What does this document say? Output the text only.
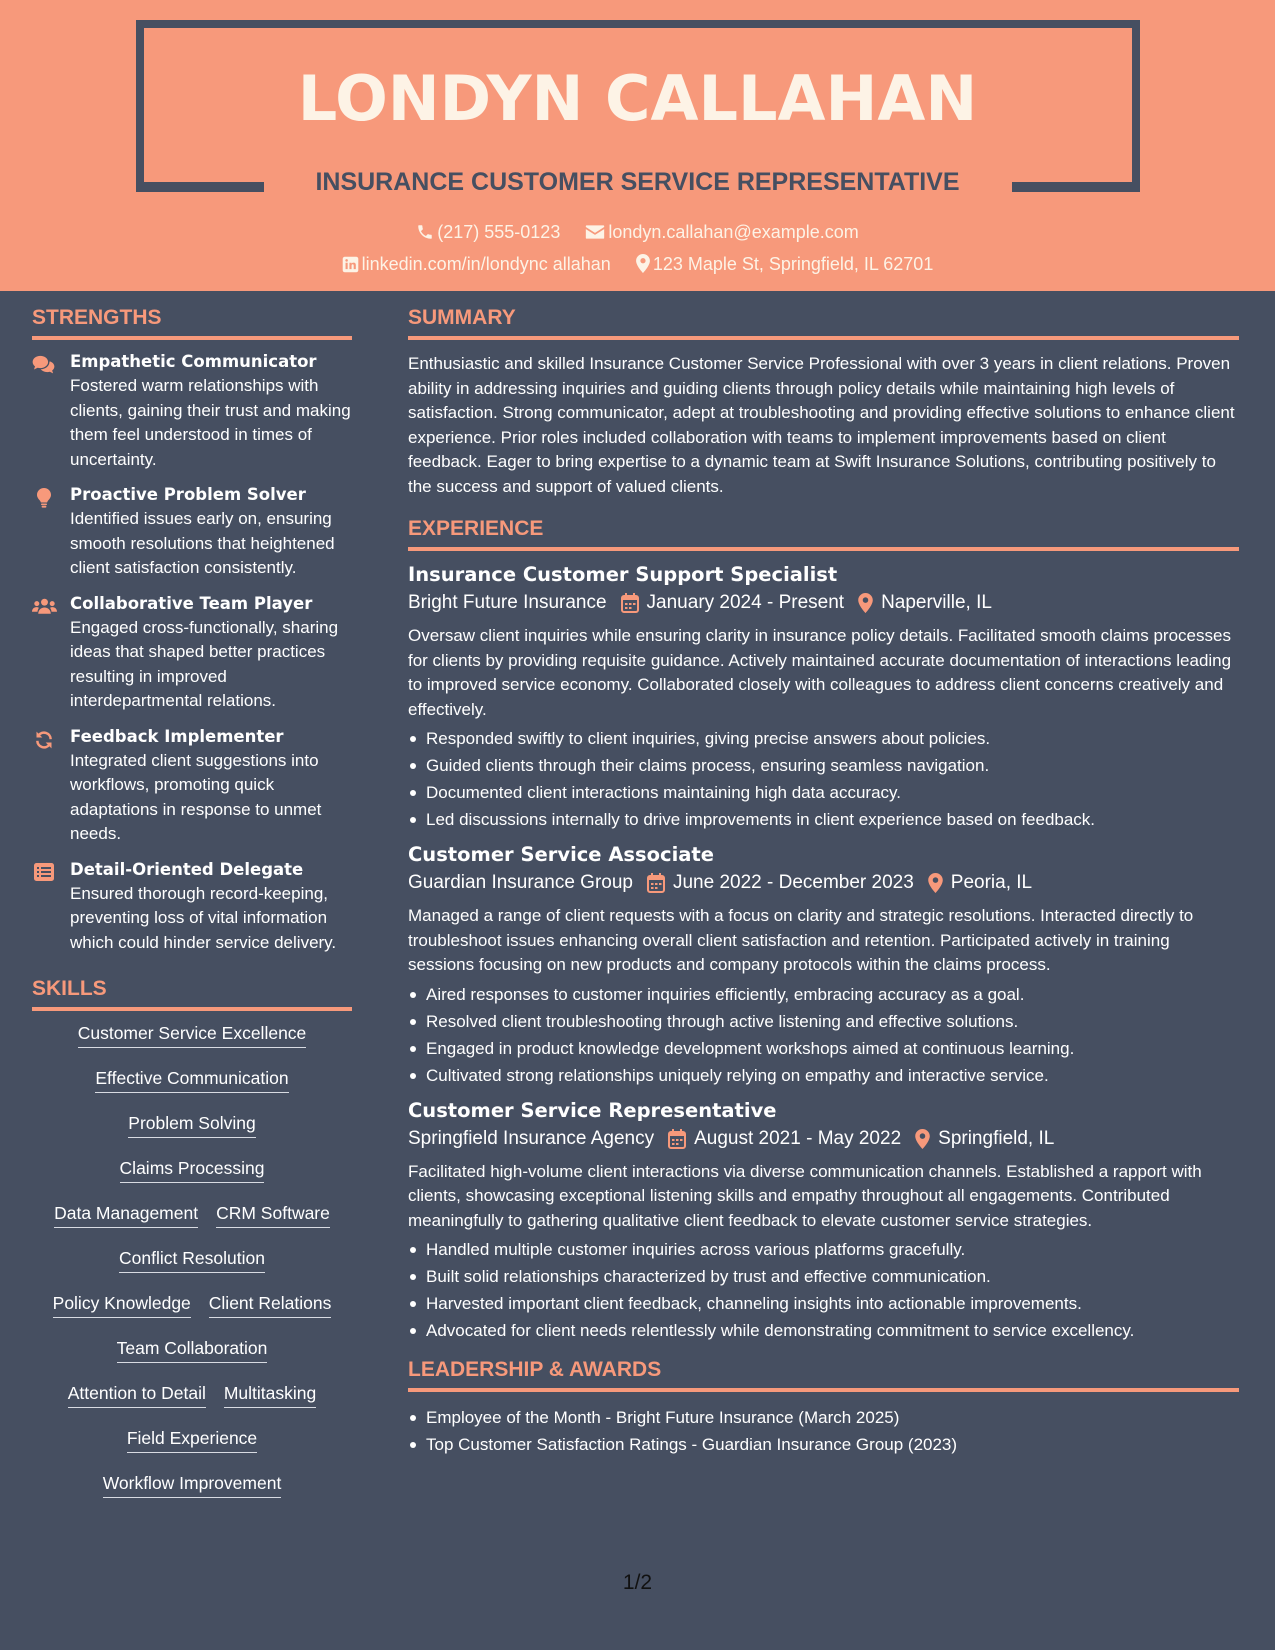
LONDYN CALLAHAN
INSURANCE CUSTOMER SERVICE REPRESENTATIVE
(217) 555-0123	londyn.callahan@example.com
linkedin.com/in/londync allahan 123 Maple St, Springfield, IL 62701
STRENGTHS
Empathetic Communicator
Fostered warm relationships with clients, gaining their trust and making them feel understood in times of uncertainty.
Proactive Problem Solver
Identified issues early on, ensuring smooth resolutions that heightened client satisfaction consistently.
Collaborative Team Player
Engaged cross-functionally, sharing ideas that shaped better practices resulting in improved interdepartmental relations.
Feedback Implementer
Integrated client suggestions into workflows, promoting quick adaptations in response to unmet needs.
Detail-Oriented Delegate
Ensured thorough record-keeping, preventing loss of vital information which could hinder service delivery.
SKILLS
Customer Service Excellence
Effective Communication
Problem Solving
Claims Processing
Data Management CRM Software
Conflict Resolution
Policy Knowledge Client Relations
Team Collaboration
Attention to Detail Multitasking
Field Experience
Workflow Improvement
SUMMARY
Enthusiastic and skilled Insurance Customer Service Professional with over 3 years in client relations. Proven ability in addressing inquiries and guiding clients through policy details while maintaining high levels of satisfaction. Strong communicator, adept at troubleshooting and providing effective solutions to enhance client experience. Prior roles included collaboration with teams to implement improvements based on client feedback. Eager to bring expertise to a dynamic team at Swift Insurance Solutions, contributing positively to the success and support of valued clients.
EXPERIENCE
Insurance Customer Support Specialist
Bright Future Insurance January 2024 - Present Naperville, IL
Oversaw client inquiries while ensuring clarity in insurance policy details. Facilitated smooth claims processes for clients by providing requisite guidance. Actively maintained accurate documentation of interactions leading to improved service economy. Collaborated closely with colleagues to address client concerns creatively and effectively.
Responded swiftly to client inquiries, giving precise answers about policies.
Guided clients through their claims process, ensuring seamless navigation.
Documented client interactions maintaining high data accuracy.
Led discussions internally to drive improvements in client experience based on feedback.
Customer Service Associate
Guardian Insurance Group June 2022 - December 2023 Peoria, IL
Managed a range of client requests with a focus on clarity and strategic resolutions. Interacted directly to troubleshoot issues enhancing overall client satisfaction and retention. Participated actively in training sessions focusing on new products and company protocols within the claims process.
Aired responses to customer inquiries efficiently, embracing accuracy as a goal.
Resolved client troubleshooting through active listening and effective solutions.
Engaged in product knowledge development workshops aimed at continuous learning.
Cultivated strong relationships uniquely relying on empathy and interactive service.
Customer Service Representative
Springfield Insurance Agency August 2021 - May 2022 Springfield, IL
Facilitated high-volume client interactions via diverse communication channels. Established a rapport with clients, showcasing exceptional listening skills and empathy throughout all engagements. Contributed meaningfully to gathering qualitative client feedback to elevate customer service strategies.
Handled multiple customer inquiries across various platforms gracefully.
Built solid relationships characterized by trust and effective communication.
Harvested important client feedback, channeling insights into actionable improvements.
Advocated for client needs relentlessly while demonstrating commitment to service excellency.
LEADERSHIP & AWARDS
Employee of the Month - Bright Future Insurance (March 2025)
Top Customer Satisfaction Ratings - Guardian Insurance Group (2023)
1/2
